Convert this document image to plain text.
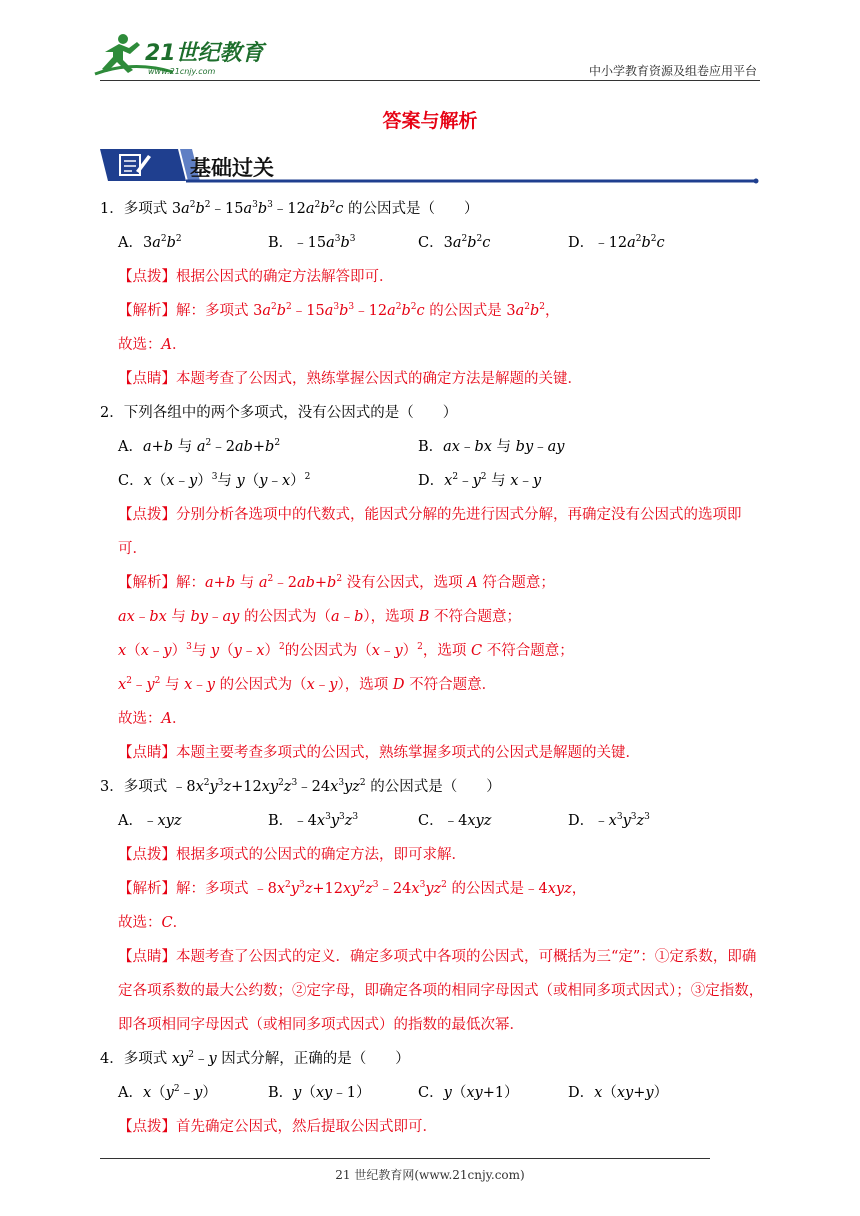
21世纪教育
www.21cnjy.com	中小学教育资源及组卷应用平台
答案与解析
基础过关
1．多项式 $3a^2b^2﹣15a^3b^3﹣12a^2b^2c$ 的公因式是（　　）
A．$3a^2b^2$	B．$﹣15a^3b^3$	C．$3a^2b^2c$	D．$﹣12a^2b^2c$
【点拨】根据公因式的确定方法解答即可．
【解析】解：多项式 $3a^2b^2﹣15a^3b^3﹣12a^2b^2c$ 的公因式是 $3a^2b^2$，
故选：A．
【点睛】本题考查了公因式，熟练掌握公因式的确定方法是解题的关键．
2．下列各组中的两个多项式，没有公因式的是（　　）
A．a+b 与 $a^2﹣2ab+b^2$	B．ax﹣bx 与 by﹣ay
C．x（x﹣y）$^3$与 y（y﹣x）$^2$	D．$x^2﹣y^2$ 与 x﹣y
【点拨】分别分析各选项中的代数式，能因式分解的先进行因式分解，再确定没有公因式的选项即可．
【解析】解：a+b 与 $a^2﹣2ab+b^2$ 没有公因式，选项 A 符合题意；
ax﹣bx 与 by﹣ay 的公因式为（a﹣b），选项 B 不符合题意；
x（x﹣y）$^3$与 y（y﹣x）$^2$的公因式为（x﹣y）$^2$，选项 C 不符合题意；
$x^2﹣y^2$ 与 x﹣y 的公因式为（x﹣y），选项 D 不符合题意．
故选：A．
【点睛】本题主要考查多项式的公因式，熟练掌握多项式的公因式是解题的关键．
3．多项式 $﹣8x^2y^3z+12xy^2z^3﹣24x^3yz^2$ 的公因式是（　　）
A．﹣xyz	B．$﹣4x^3y^3z^3$	C．﹣4xyz	D．$﹣x^3y^3z^3$
【点拨】根据多项式的公因式的确定方法，即可求解．
【解析】解：多项式 $﹣8x^2y^3z+12xy^2z^3﹣24x^3yz^2$ 的公因式是﹣4xyz，
故选：C．
【点睛】本题考查了公因式的定义．确定多项式中各项的公因式，可概括为三“定”：①定系数，即确定各项系数的最大公约数；②定字母，即确定各项的相同字母因式（或相同多项式因式）；③定指数，即各项相同字母因式（或相同多项式因式）的指数的最低次幂．
4．多项式 $xy^2﹣y$ 因式分解，正确的是（　　）
A．$x(y^2﹣y)$	B．y（xy﹣1）	C．y（xy+1）	D．x（xy+y）
【点拨】首先确定公因式，然后提取公因式即可．
21 世纪教育网(www.21cnjy.com)
